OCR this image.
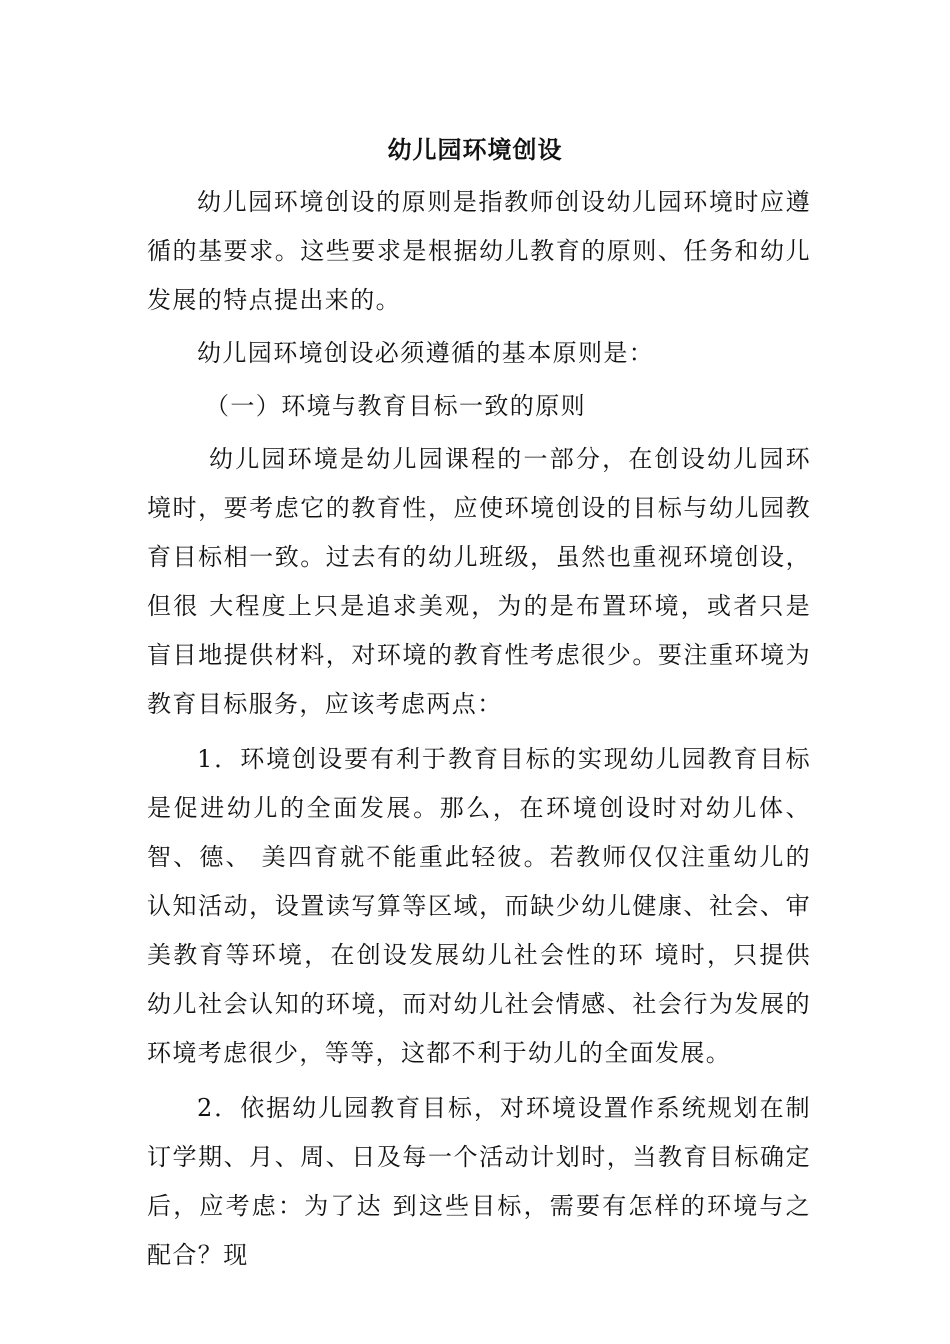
幼儿园环境创设

幼儿园环境创设的原则是指教师创设幼儿园环境时应遵循的基要求。这些要求是根据幼儿教育的原则、任务和幼儿发展的特点提出来的。

幼儿园环境创设必须遵循的基本原则是：

（一）环境与教育目标一致的原则

幼儿园环境是幼儿园课程的一部分，在创设幼儿园环境时，要考虑它的教育性，应使环境创设的目标与幼儿园教育目标相一致。过去有的幼儿班级，虽然也重视环境创设，但很 大程度上只是追求美观，为的是布置环境，或者只是盲目地提供材料，对环境的教育性考虑很少。要注重环境为教育目标服务，应该考虑两点：

1．环境创设要有利于教育目标的实现幼儿园教育目标是促进幼儿的全面发展。那么，在环境创设时对幼儿体、 智、德、 美四育就不能重此轻彼。若教师仅仅注重幼儿的认知活动，设置读写算等区域，而缺少幼儿健康、社会、审美教育等环境，在创设发展幼儿社会性的环 境时，只提供幼儿社会认知的环境，而对幼儿社会情感、社会行为发展的环境考虑很少，等等，这都不利于幼儿的全面发展。

2．依据幼儿园教育目标，对环境设置作系统规划在制订学期、月、周、日及每一个活动计划时，当教育目标确定后，应考虑：为了达 到这些目标，需要有怎样的环境与之配合？现
